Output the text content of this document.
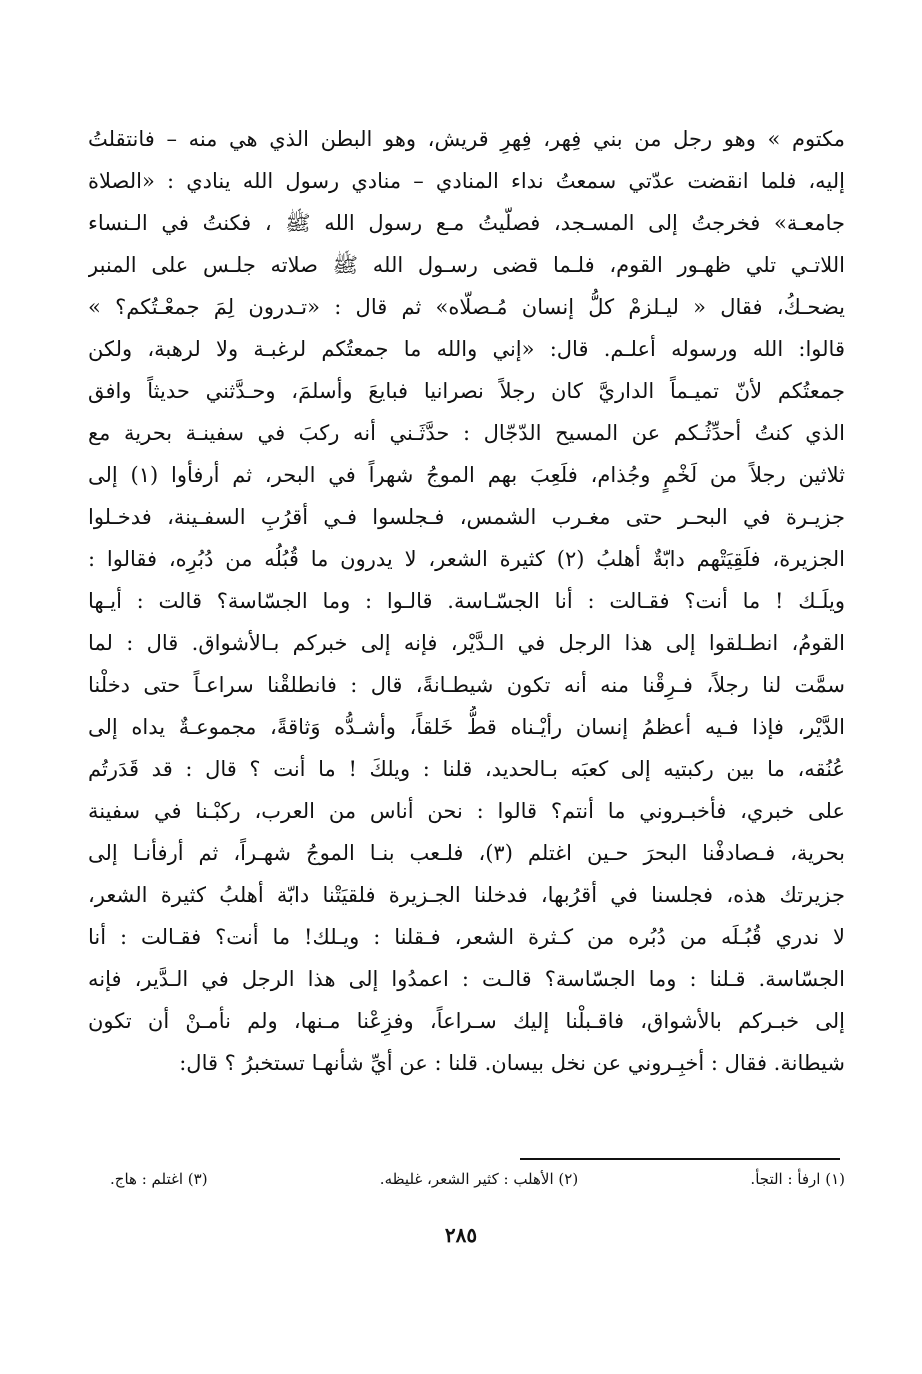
مكتوم » وهو رجل من بني فِهر، فِهرِ قريش، وهو البطن الذي هي منه – فانتقلتُ
إليه، فلما انقضت عدّتي سمعتُ نداء المنادي – منادي رسول الله ينادي : «الصلاة
جامعـة» فخرجتُ إلى المسـجد، فصلّيتُ مـع رسول الله ﷺ ، فكنتُ في الـنساء
اللاتـي تلي ظهـور القوم، فلـما قضى رسـول الله ﷺ صلاته جلـس على المنبر
يضحـكُ، فقال « ليـلزمْ كلُّ إنسان مُـصلّاه» ثم قال : «تـدرون لِمَ جمعْـتُكم؟ »
قالوا: الله ورسوله أعلـم. قال: «إني والله ما جمعتُكم لرغبـة ولا لرهبة، ولكن
جمعتُكم لأنّ تميـماً الداريَّ كان رجلاً نصرانيا فبايعَ وأسلمَ، وحـدَّثني حديثاً وافق
الذي كنتُ أحدِّثُـكم عن المسيح الدّجّال : حدَّثَـني أنه ركبَ في سفينـة بحرية مع
ثلاثين رجلاً من لَخْمٍ وجُذام، فلَعِبَ بهم الموجُ شهراً في البحر، ثم أرفأوا (١) إلى
جزيـرة في البحـر حتى مغـرب الشمس، فـجلسوا فـي أقرُبِ السفـينة، فدخـلوا
الجزيرة، فلَقِيَتْهم دابّةٌ أهلبُ (٢) كثيرة الشعر، لا يدرون ما قُبُلُه من دُبُرِه، فقالوا :
ويلَـك ! ما أنت؟ فقـالت : أنا الجسّـاسة. قالـوا : وما الجسّاسة؟ قالت : أيـها
القومُ، انطـلقوا إلى هذا الرجل في الـدَّيْر، فإنه إلى خبركم بـالأشواق. قال : لما
سمَّت لنا رجلاً، فـرِقْنا منه أنه تكون شيطـانةً، قال : فانطلقْنا سراعـاً حتى دخلْنا
الدَّيْر، فإذا فـيه أعظمُ إنسان رأيْـناه قطُّ خَلقاً، وأشـدُّه وَثاقةً، مجموعـةٌ يداه إلى
عُنُقه، ما بين ركبتيه إلى كعبَه بـالحديد، قلنا : ويلكَ ! ما أنت ؟ قال : قد قَدَرتُم
على خبري، فأخبـروني ما أنتم؟ قالوا : نحن أناس من العرب، ركبْـنا في سفينة
بحرية، فـصادفْنا البحرَ حـين اغتلم (٣)، فلـعب بنـا الموجُ شهـراً، ثم أرفأنـا إلى
جزيرتك هذه، فجلسنا في أقرُبها، فدخلنا الجـزيرة فلقيَتْنا دابّة أهلبُ كثيرة الشعر،
لا ندري قُبُـلَه من دُبُره من كـثرة الشعر، فـقلنا : ويـلك! ما أنت؟ فقـالت : أنا
الجسّاسة. قـلنا : وما الجسّاسة؟ قالـت : اعمدُوا إلى هذا الرجل في الـدَّير، فإنه
إلى خبـركم بالأشواق، فاقـبلْنا إليك سـراعاً، وفزِعْنا مـنها، ولم نأمـنْ أن تكون
شيطانة. فقال : أخبِـروني عن نخل بيسان. قلنا : عن أيِّ شأنهـا تستخبرُ ؟ قال:
(١) ارفأ : التجأ.
(٢) الأهلب : كثير الشعر، غليظه.
(٣) اغتلم : هاج.
٢٨٥
